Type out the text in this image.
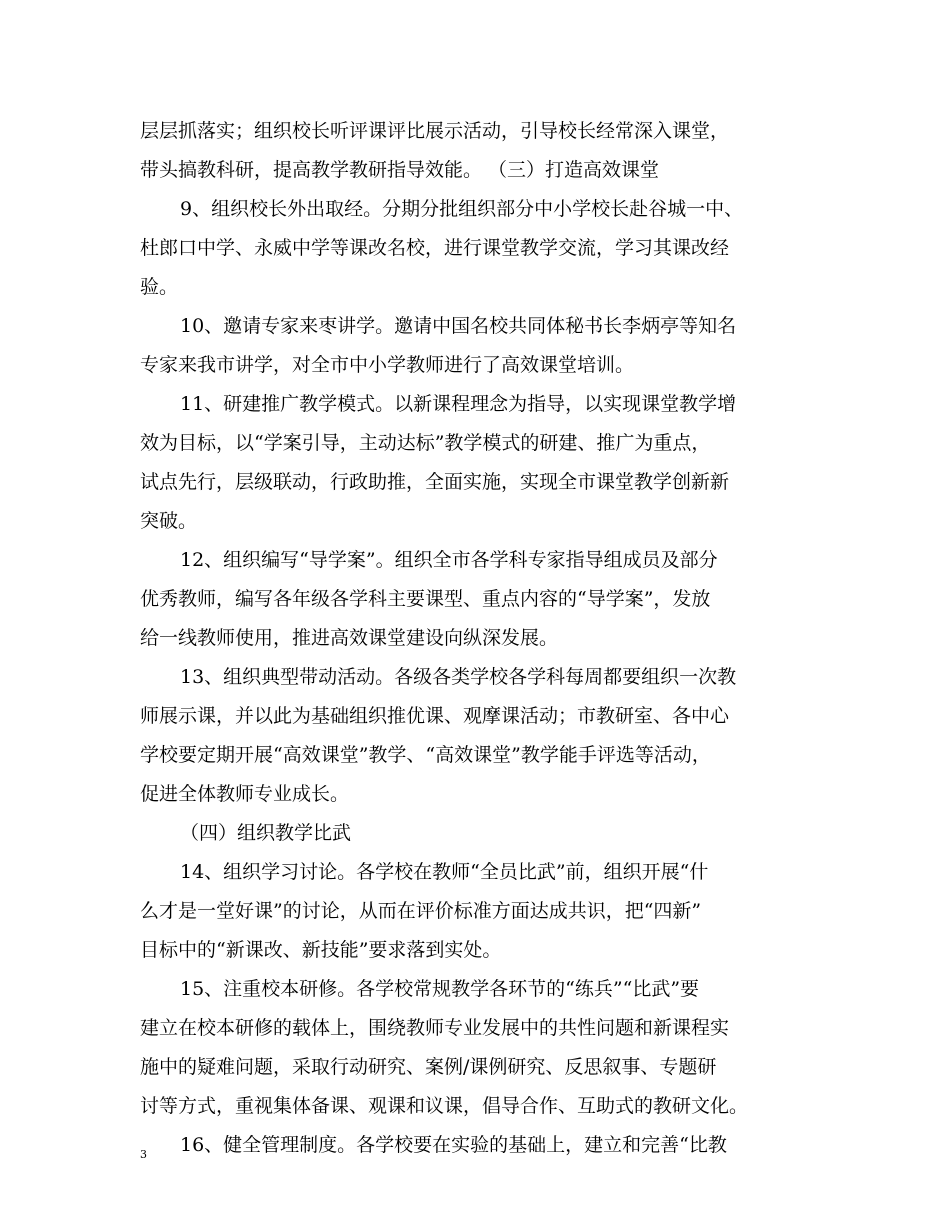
层层抓落实；组织校长听评课评比展示活动，引导校长经常深入课堂，
带头搞教科研，提高教学教研指导效能。 （三）打造高效课堂
9、组织校长外出取经。分期分批组织部分中小学校长赴谷城一中、
杜郎口中学、永威中学等课改名校，进行课堂教学交流，学习其课改经
验。
10、邀请专家来枣讲学。邀请中国名校共同体秘书长李炳亭等知名
专家来我市讲学，对全市中小学教师进行了高效课堂培训。
11、研建推广教学模式。以新课程理念为指导，以实现课堂教学增
效为目标，以“学案引导，主动达标”教学模式的研建、推广为重点，
试点先行，层级联动，行政助推，全面实施，实现全市课堂教学创新新
突破。
12、组织编写“导学案”。组织全市各学科专家指导组成员及部分
优秀教师，编写各年级各学科主要课型、重点内容的“导学案”，发放
给一线教师使用，推进高效课堂建设向纵深发展。
13、组织典型带动活动。各级各类学校各学科每周都要组织一次教
师展示课，并以此为基础组织推优课、观摩课活动；市教研室、各中心
学校要定期开展“高效课堂”教学、“高效课堂”教学能手评选等活动，
促进全体教师专业成长。
（四）组织教学比武
14、组织学习讨论。各学校在教师“全员比武”前，组织开展“什
么才是一堂好课”的讨论，从而在评价标准方面达成共识，把“四新”
目标中的“新课改、新技能”要求落到实处。
15、注重校本研修。各学校常规教学各环节的“练兵”“比武”要
建立在校本研修的载体上，围绕教师专业发展中的共性问题和新课程实
施中的疑难问题，采取行动研究、案例/课例研究、反思叙事、专题研
讨等方式，重视集体备课、观课和议课，倡导合作、互助式的教研文化。
16、健全管理制度。各学校要在实验的基础上，建立和完善“比教
3
